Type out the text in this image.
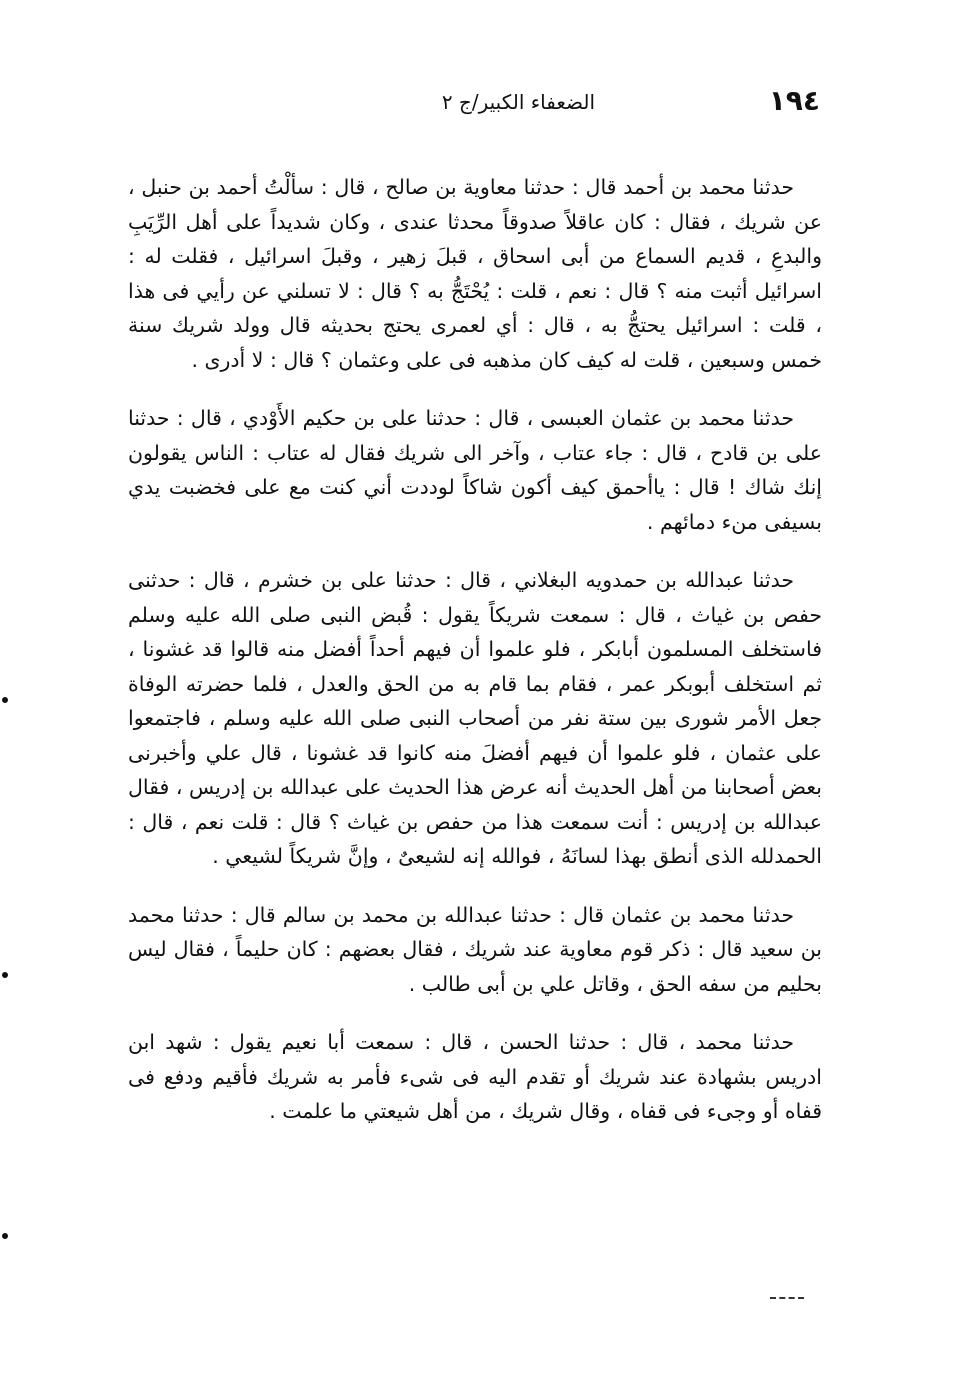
١٩٤
الضعفاء الكبير/ج ٢

حدثنا محمد بن أحمد قال : حدثنا معاوية بن صالح ، قال : سألْتُ أحمد بن حنبل ، عن شريك ، فقال : كان عاقلاً صدوقاً محدثا عندى ، وكان شديداً على أهل الرِّيَبِ والبدعِ ، قديم السماع من أبى اسحاق ، قبلَ زهير ، وقبلَ اسرائيل ، فقلت له : اسرائيل أثبت منه ؟ قال : نعم ، قلت : يُحْتَجُّ به ؟ قال : لا تسلني عن رأيي فى هذا ، قلت : اسرائيل يحتجُّ به ، قال : أي لعمرى يحتج بحديثه قال وولد شريك سنة خمس وسبعين ، قلت له كيف كان مذهبه فى على وعثمان ؟ قال : لا أدرى .

حدثنا محمد بن عثمان العبسى ، قال : حدثنا على بن حكيم الأَوْدي ، قال : حدثنا على بن قادح ، قال : جاء عتاب ، وآخر الى شريك فقال له عتاب : الناس يقولون إنك شاك ! قال : ياأحمق كيف أكون شاكاً لوددت أني كنت مع على فخضبت يدي بسيفى منء دمائهم .

حدثنا عبدالله بن حمدويه البغلاني ، قال : حدثنا على بن خشرم ، قال : حدثنى حفص بن غياث ، قال : سمعت شريكاً يقول : قُبض النبى صلى الله عليه وسلم فاستخلف المسلمون أبابكر ، فلو علموا أن فيهم أحداً أفضل منه قالوا قد غشونا ، ثم استخلف أبوبكر عمر ، فقام بما قام به من الحق والعدل ، فلما حضرته الوفاة جعل الأمر شورى بين ستة نفر من أصحاب النبى صلى الله عليه وسلم ، فاجتمعوا على عثمان ، فلو علموا أن فيهم أفضلَ منه كانوا قد غشونا ، قال علي وأخبرنى بعض أصحابنا من أهل الحديث أنه عرض هذا الحديث على عبدالله بن إدريس ، فقال عبدالله بن إدريس : أنت سمعت هذا من حفص بن غياث ؟ قال : قلت نعم ، قال : الحمدلله الذى أنطق بهذا لسانَهُ ، فوالله إنه لشيعىٌ ، وإنَّ شريكاً لشيعي .

حدثنا محمد بن عثمان قال : حدثنا عبدالله بن محمد بن سالم قال : حدثنا محمد بن سعيد قال : ذكر قوم معاوية عند شريك ، فقال بعضهم : كان حليماً ، فقال ليس بحليم من سفه الحق ، وقاتل علي بن أبى طالب .

حدثنا محمد ، قال : حدثنا الحسن ، قال : سمعت أبا نعيم يقول : شهد ابن ادريس بشهادة عند شريك أو تقدم اليه فى شىء فأمر به شريك فأقيم ودفع فى قفاه أو وجىء فى قفاه ، وقال شريك ، من أهل شيعتي ما علمت .
